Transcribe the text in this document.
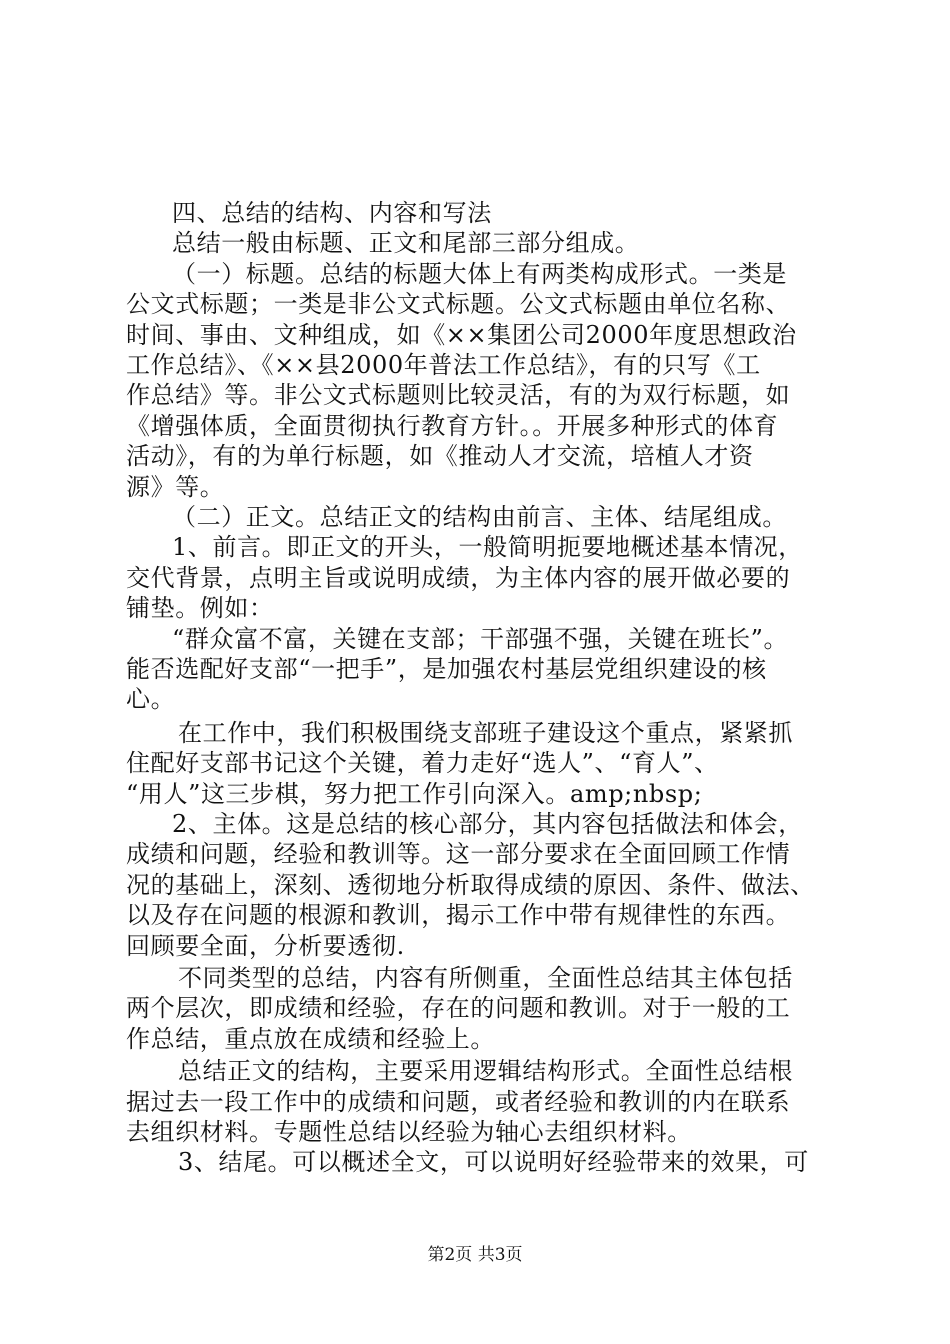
四、总结的结构、内容和写法
总结一般由标题、正文和尾部三部分组成。
（一）标题。总结的标题大体上有两类构成形式。一类是
公文式标题；一类是非公文式标题。公文式标题由单位名称、
时间、事由、文种组成，如《××集团公司2000年度思想政治
工作总结》、《××县2000年普法工作总结》，有的只写《工
作总结》等。非公文式标题则比较灵活，有的为双行标题，如
《增强体质，全面贯彻执行教育方针。。开展多种形式的体育
活动》，有的为单行标题，如《推动人才交流，培植人才资
源》等。
（二）正文。总结正文的结构由前言、主体、结尾组成。
1、前言。即正文的开头，一般简明扼要地概述基本情况，
交代背景，点明主旨或说明成绩，为主体内容的展开做必要的
铺垫。例如：
“群众富不富，关键在支部；干部强不强，关键在班长”。
能否选配好支部“一把手”，是加强农村基层党组织建设的核
心。
在工作中，我们积极围绕支部班子建设这个重点，紧紧抓
住配好支部书记这个关键，着力走好“选人”、“育人”、
“用人”这三步棋，努力把工作引向深入。amp;nbsp;
2、主体。这是总结的核心部分，其内容包括做法和体会，
成绩和问题，经验和教训等。这一部分要求在全面回顾工作情
况的基础上，深刻、透彻地分析取得成绩的原因、条件、做法、
以及存在问题的根源和教训，揭示工作中带有规律性的东西。
回顾要全面，分析要透彻.
不同类型的总结，内容有所侧重，全面性总结其主体包括
两个层次，即成绩和经验，存在的问题和教训。对于一般的工
作总结，重点放在成绩和经验上。
总结正文的结构，主要采用逻辑结构形式。全面性总结根
据过去一段工作中的成绩和问题，或者经验和教训的内在联系
去组织材料。专题性总结以经验为轴心去组织材料。
3、结尾。可以概述全文，可以说明好经验带来的效果，可
第2页 共3页
